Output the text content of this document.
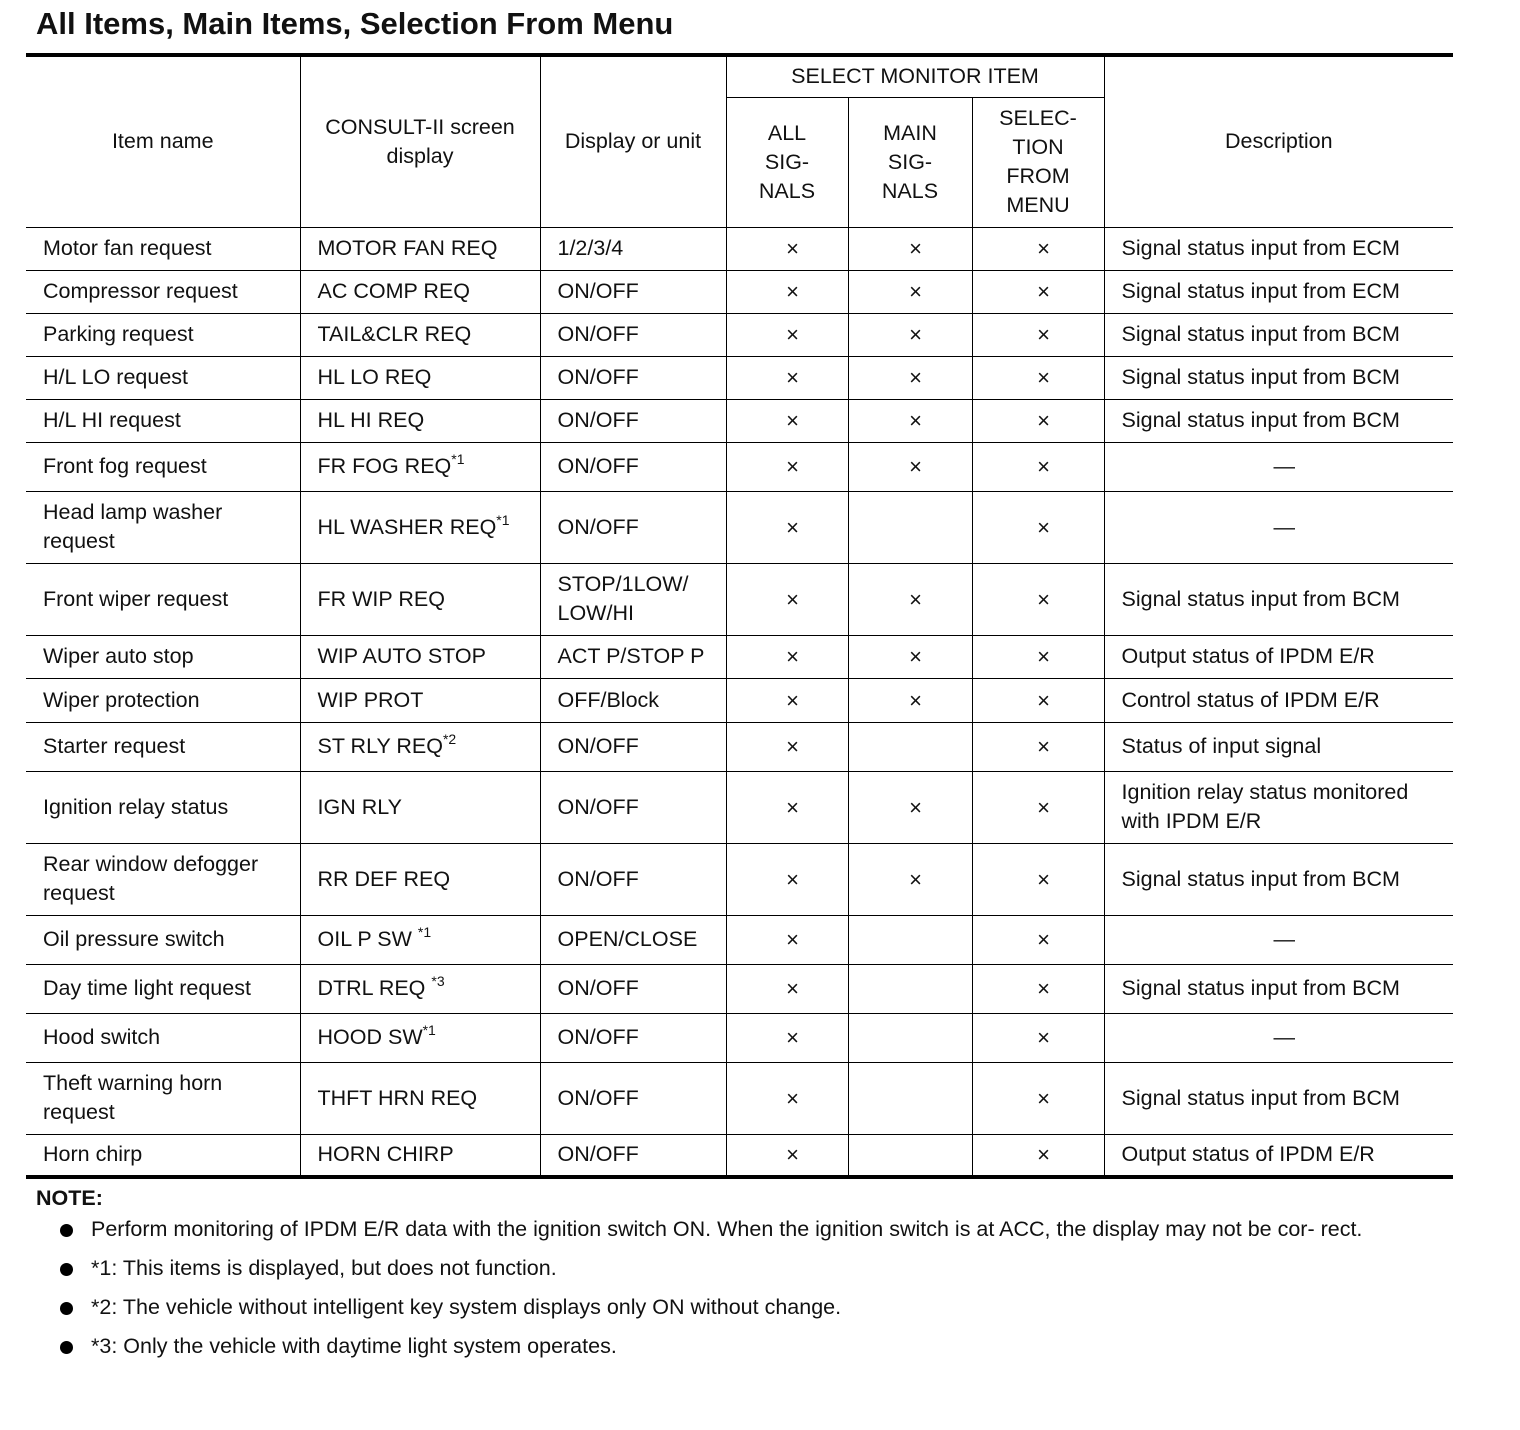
All Items, Main Items, Selection From Menu
Item name	CONSULT-II screen display	Display or unit	SELECT MONITOR ITEM			Description
			ALL SIG- NALS	MAIN SIG- NALS	SELEC- TION FROM MENU	
Motor fan request	MOTOR FAN REQ	1/2/3/4	×	×	×	Signal status input from ECM
Compressor request	AC COMP REQ	ON/OFF	×	×	×	Signal status input from ECM
Parking request	TAIL&CLR REQ	ON/OFF	×	×	×	Signal status input from BCM
H/L LO request	HL LO REQ	ON/OFF	×	×	×	Signal status input from BCM
H/L HI request	HL HI REQ	ON/OFF	×	×	×	Signal status input from BCM
Front fog request	FR FOG REQ$^{*1}$	ON/OFF	×	×	×	—
Head lamp washer request	HL WASHER REQ$^{*1}$	ON/OFF	×		×	—
Front wiper request	FR WIP REQ	STOP/1LOW/ LOW/HI	×	×	×	Signal status input from BCM
Wiper auto stop	WIP AUTO STOP	ACT P/STOP P	×	×	×	Output status of IPDM E/R
Wiper protection	WIP PROT	OFF/Block	×	×	×	Control status of IPDM E/R
Starter request	ST RLY REQ$^{*2}$	ON/OFF	×		×	Status of input signal
Ignition relay status	IGN RLY	ON/OFF	×	×	×	Ignition relay status monitored with IPDM E/R
Rear window defogger request	RR DEF REQ	ON/OFF	×	×	×	Signal status input from BCM
Oil pressure switch	OIL P SW $^{*1}$	OPEN/CLOSE	×		×	—
Day time light request	DTRL REQ $^{*3}$	ON/OFF	×		×	Signal status input from BCM
Hood switch	HOOD SW$^{*1}$	ON/OFF	×		×	—
Theft warning horn request	THFT HRN REQ	ON/OFF	×		×	Signal status input from BCM
Horn chirp	HORN CHIRP	ON/OFF	×		×	Output status of IPDM E/R
NOTE:
Perform monitoring of IPDM E/R data with the ignition switch ON. When the ignition switch is at ACC, the display may not be cor- rect.
*1: This items is displayed, but does not function.
*2: The vehicle without intelligent key system displays only ON without change.
*3: Only the vehicle with daytime light system operates.
